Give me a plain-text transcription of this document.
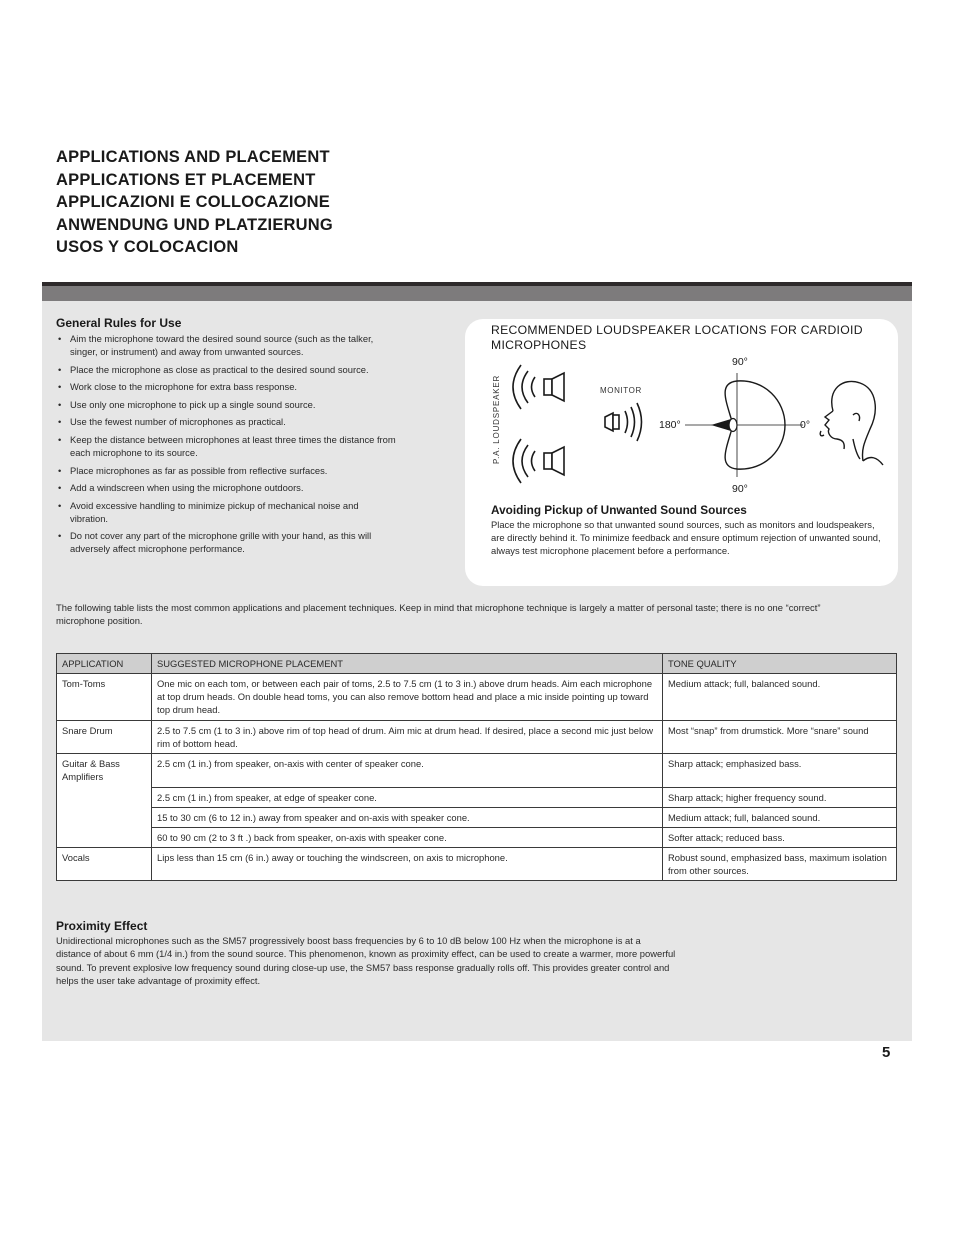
APPLICATIONS AND PLACEMENT
APPLICATIONS ET PLACEMENT
APPLICAZIONI E COLLOCAZIONE
ANWENDUNG UND PLATZIERUNG
USOS Y COLOCACION
General Rules for Use
• Aim the microphone toward the desired sound source (such as the talker, singer, or instrument) and away from unwanted sources.
• Place the microphone as close as practical to the desired sound source.
• Work close to the microphone for extra bass response.
• Use only one microphone to pick up a single sound source.
• Use the fewest number of microphones as practical.
• Keep the distance between microphones at least three times the distance from each microphone to its source.
• Place microphones as far as possible from reflective surfaces.
• Add a windscreen when using the microphone outdoors.
• Avoid excessive handling to minimize pickup of mechanical noise and vibration.
• Do not cover any part of the microphone grille with your hand, as this will adversely affect microphone performance.
RECOMMENDED LOUDSPEAKER LOCATIONS FOR CARDIOID MICROPHONES
P.A. LOUDSPEAKER	MONITOR
90°
90°
180°	0°
Avoiding Pickup of Unwanted Sound Sources

Place the microphone so that unwanted sound sources, such as monitors and loudspeakers, are directly behind it. To minimize feedback and ensure optimum rejection of unwanted sound, always test microphone placement before a performance.

The following table lists the most common applications and placement techniques. Keep in mind that microphone technique is largely a matter of personal taste; there is no one “correct” microphone position.

APPLICATION	SUGGESTED MICROPHONE PLACEMENT	TONE QUALITY
Tom-Toms	One mic on each tom, or between each pair of toms, 2.5 to 7.5 cm (1 to 3 in.) above drum heads. Aim each microphone at top drum heads. On double head toms, you can also remove bottom head and place a mic inside pointing up toward top drum head.	Medium attack; full, balanced sound.
Snare Drum	2.5 to 7.5 cm (1 to 3 in.) above rim of top head of drum. Aim mic at drum head. If desired, place a second mic just below rim of bottom head.	Most “snap” from drumstick. More “snare” sound
Guitar & Bass Amplifiers	2.5 cm (1 in.) from speaker, on-axis with center of speaker cone.	Sharp attack; emphasized bass.
	2.5 cm (1 in.) from speaker, at edge of speaker cone.	Sharp attack; higher frequency sound.
	15 to 30 cm (6 to 12 in.) away from speaker and on-axis with speaker cone.	Medium attack; full, balanced sound.
	60 to 90 cm (2 to 3 ft .) back from speaker, on-axis with speaker cone.	Softer attack; reduced bass.
Vocals	Lips less than 15 cm (6 in.) away or touching the windscreen, on axis to microphone.	Robust sound, emphasized bass, maximum isolation from other sources.
Proximity Effect

Unidirectional microphones such as the SM57 progressively boost bass frequencies by 6 to 10 dB below 100 Hz when the microphone is at a distance of about 6 mm (1/4 in.) from the sound source. This phenomenon, known as proximity effect, can be used to create a warmer, more powerful sound. To prevent explosive low frequency sound during close-up use, the SM57 bass response gradually rolls off. This provides greater control and helps the user take advantage of proximity effect.

5
